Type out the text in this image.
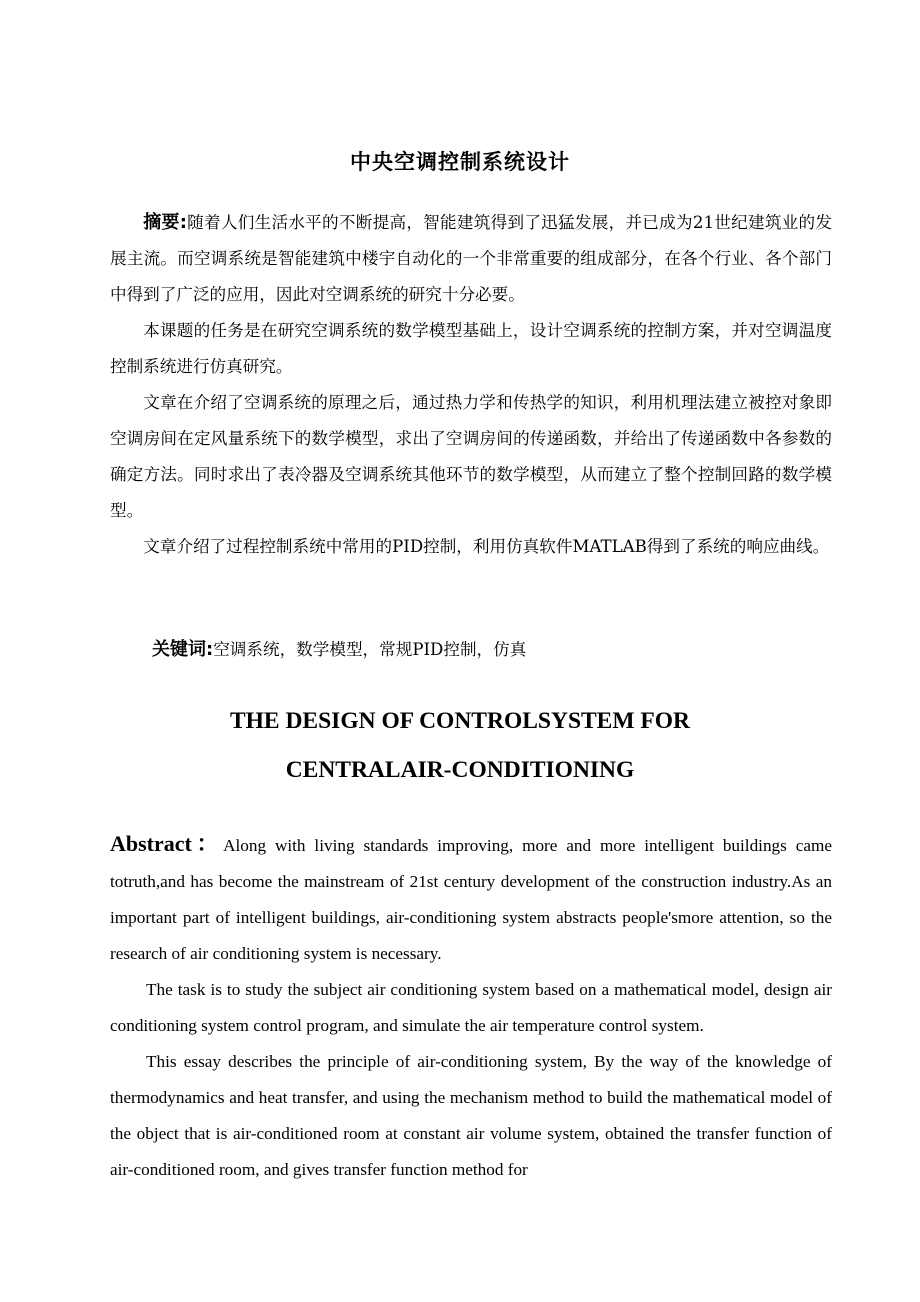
中央空调控制系统设计

摘要:随着人们生活水平的不断提高，智能建筑得到了迅猛发展，并已成为21世纪建筑业的发展主流。而空调系统是智能建筑中楼宇自动化的一个非常重要的组成部分，在各个行业、各个部门中得到了广泛的应用，因此对空调系统的研究十分必要。

本课题的任务是在研究空调系统的数学模型基础上，设计空调系统的控制方案，并对空调温度控制系统进行仿真研究。

文章在介绍了空调系统的原理之后，通过热力学和传热学的知识，利用机理法建立被控对象即空调房间在定风量系统下的数学模型，求出了空调房间的传递函数，并给出了传递函数中各参数的确定方法。同时求出了表冷器及空调系统其他环节的数学模型，从而建立了整个控制回路的数学模型。

文章介绍了过程控制系统中常用的PID控制，利用仿真软件MATLAB得到了系统的响应曲线。

关键词:空调系统，数学模型，常规PID控制，仿真
THE DESIGN OF CONTROLSYSTEM FOR
CENTRALAIR-CONDITIONING

Abstract：Along with living standards improving, more and more intelligent buildings came totruth,and has become the mainstream of 21st century development of the construction industry.As an important part of intelligent buildings, air-conditioning system abstracts people'smore attention, so the research of air conditioning system is necessary.

The task is to study the subject air conditioning system based on a mathematical model, design air conditioning system control program, and simulate the air temperature control system.

This essay describes the principle of air-conditioning system, By the way of the knowledge of thermodynamics and heat transfer, and using the mechanism method to build the mathematical model of the object that is air-conditioned room at constant air volume system, obtained the transfer function of air-conditioned room, and gives transfer function method for
